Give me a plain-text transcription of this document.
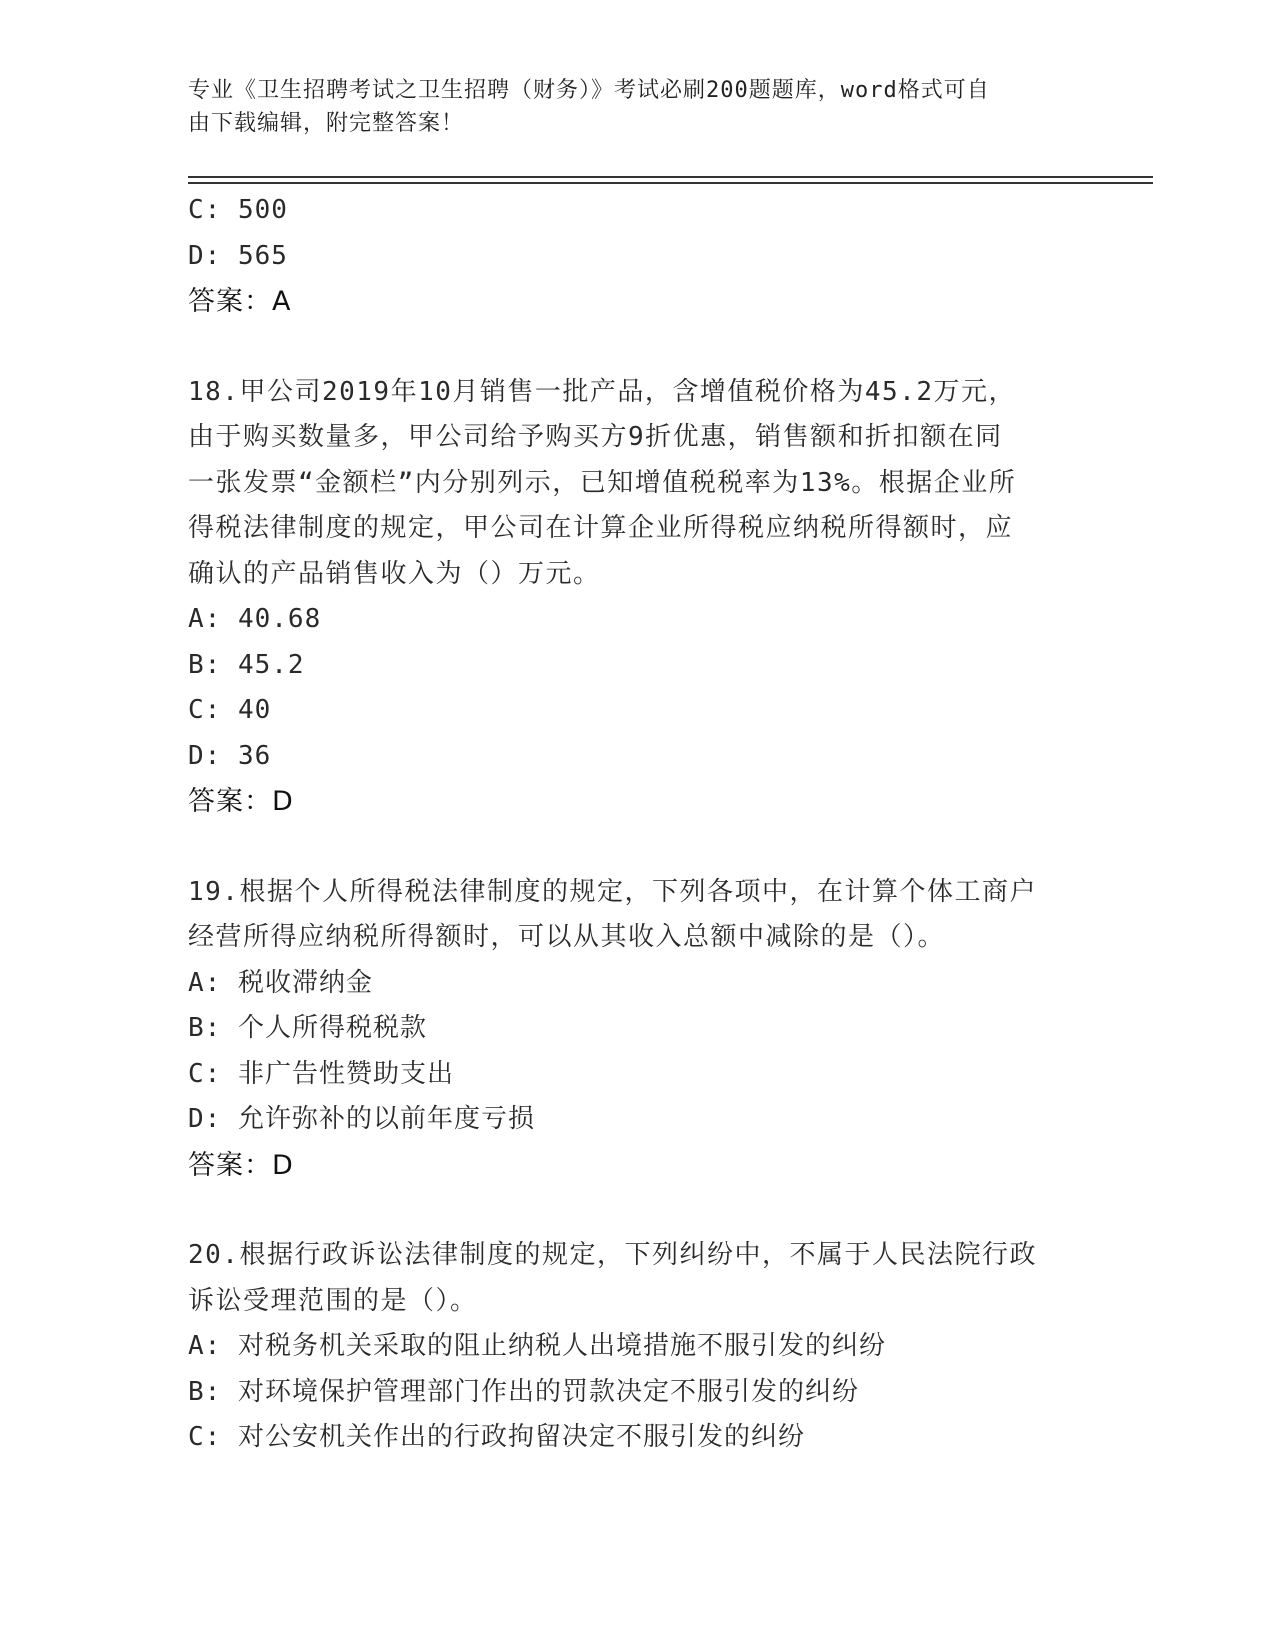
专业《卫生招聘考试之卫生招聘（财务）》考试必刷200题题库，word格式可自
由下载编辑，附完整答案！
C: 500
D: 565
答案：A
18.甲公司2019年10月销售一批产品，含增值税价格为45.2万元，
由于购买数量多，甲公司给予购买方9折优惠，销售额和折扣额在同
一张发票“金额栏”内分别列示，已知增值税税率为13%。根据企业所
得税法律制度的规定，甲公司在计算企业所得税应纳税所得额时，应
确认的产品销售收入为（）万元。
A: 40.68
B: 45.2
C: 40
D: 36
答案：D
19.根据个人所得税法律制度的规定，下列各项中，在计算个体工商户
经营所得应纳税所得额时，可以从其收入总额中减除的是（）。
A: 税收滞纳金
B: 个人所得税税款
C: 非广告性赞助支出
D: 允许弥补的以前年度亏损
答案：D
20.根据行政诉讼法律制度的规定，下列纠纷中，不属于人民法院行政
诉讼受理范围的是（）。
A: 对税务机关采取的阻止纳税人出境措施不服引发的纠纷
B: 对环境保护管理部门作出的罚款决定不服引发的纠纷
C: 对公安机关作出的行政拘留决定不服引发的纠纷
